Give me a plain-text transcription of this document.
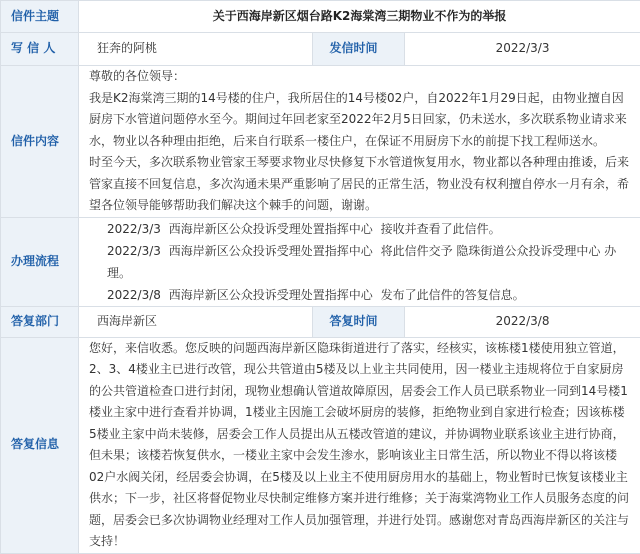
信件主题	关于西海岸新区烟台路K2海棠湾三期物业不作为的举报		
写 信 人	狂奔的阿桃	发信时间	2022/3/3
信件内容	尊敬的各位领导：

我是K2海棠湾三期的14号楼的住户，我所居住的14号楼02户，自2022年1月29日起，由物业擅自因厨房下水管道问题停水至今。期间过年回老家至2022年2月5日回家，仍未送水，多次联系物业请求来水，物业以各种理由拒绝，后来自行联系一楼住户，在保证不用厨房下水的前提下找工程师送水。

时至今天，多次联系物业管家王琴要求物业尽快修复下水管道恢复用水，物业都以各种理由推诿，后来管家直接不回复信息，多次沟通未果严重影响了居民的正常生活，物业没有权利擅自停水一月有余，希望各位领导能够帮助我们解决这个棘手的问题，谢谢。		

办理流程	2022/3/3 西海岸新区公众投诉受理处置指挥中心 接收并查看了此信件。
2022/3/3 西海岸新区公众投诉受理处置指挥中心 将此信件交予 隐珠街道公众投诉受理中心 办理。
2022/3/8 西海岸新区公众投诉受理处置指挥中心 发布了此信件的答复信息。		

答复部门	西海岸新区	答复时间	2022/3/8
答复信息	您好，来信收悉。您反映的问题西海岸新区隐珠街道进行了落实，经核实，该栋楼1楼使用独立管道，2、3、4楼业主已进行改管，现公共管道由5楼及以上业主共同使用，因一楼业主违规将位于自家厨房的公共管道检查口进行封闭，现物业想确认管道故障原因，居委会工作人员已联系物业一同到14号楼1楼业主家中进行查看并协调，1楼业主因施工会破坏厨房的装修，拒绝物业到自家进行检查；因该栋楼5楼业主家中尚未装修，居委会工作人员提出从五楼改管道的建议，并协调物业联系该业主进行协商，但未果；该楼若恢复供水，一楼业主家中会发生渗水，影响该业主日常生活，所以物业不得以将该楼02户水阀关闭，经居委会协调，在5楼及以上业主不使用厨房用水的基础上，物业暂时已恢复该楼业主供水；下一步，社区将督促物业尽快制定维修方案并进行维修；关于海棠湾物业工作人员服务态度的问题，居委会已多次协调物业经理对工作人员加强管理，并进行处罚。感谢您对青岛西海岸新区的关注与支持！		
